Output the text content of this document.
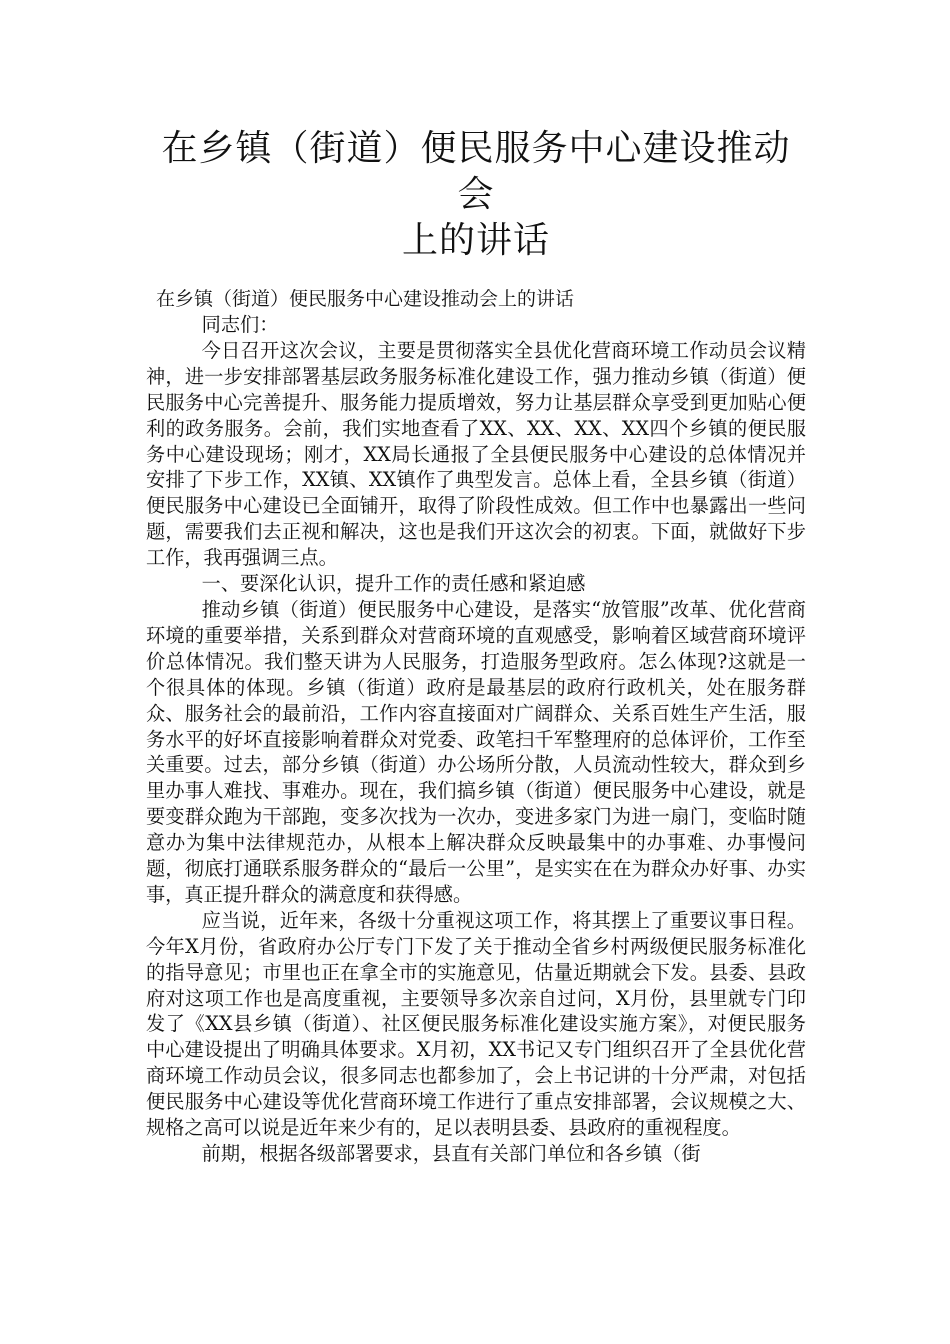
在乡镇（街道）便民服务中心建设推动会
上的讲话

在乡镇（街道）便民服务中心建设推动会上的讲话

同志们：

今日召开这次会议，主要是贯彻落实全县优化营商环境工作动员会议精神，进一步安排部署基层政务服务标准化建设工作，强力推动乡镇（街道）便民服务中心完善提升、服务能力提质增效，努力让基层群众享受到更加贴心便利的政务服务。会前，我们实地查看了XX、XX、XX、XX四个乡镇的便民服务中心建设现场；刚才，XX局长通报了全县便民服务中心建设的总体情况并安排了下步工作，XX镇、XX镇作了典型发言。总体上看，全县乡镇（街道）便民服务中心建设已全面铺开，取得了阶段性成效。但工作中也暴露出一些问题，需要我们去正视和解决，这也是我们开这次会的初衷。下面，就做好下步工作，我再强调三点。

一、要深化认识，提升工作的责任感和紧迫感

推动乡镇（街道）便民服务中心建设，是落实“放管服”改革、优化营商环境的重要举措，关系到群众对营商环境的直观感受，影响着区域营商环境评价总体情况。我们整天讲为人民服务，打造服务型政府。怎么体现?这就是一个很具体的体现。乡镇（街道）政府是最基层的政府行政机关，处在服务群众、服务社会的最前沿，工作内容直接面对广阔群众、关系百姓生产生活，服务水平的好坏直接影响着群众对党委、政笔扫千军整理府的总体评价，工作至关重要。过去，部分乡镇（街道）办公场所分散，人员流动性较大，群众到乡里办事人难找、事难办。现在，我们搞乡镇（街道）便民服务中心建设，就是要变群众跑为干部跑，变多次找为一次办，变进多家门为进一扇门，变临时随意办为集中法律规范办，从根本上解决群众反映最集中的办事难、办事慢问题，彻底打通联系服务群众的“最后一公里”，是实实在在为群众办好事、办实事，真正提升群众的满意度和获得感。

应当说，近年来，各级十分重视这项工作，将其摆上了重要议事日程。今年X月份，省政府办公厅专门下发了关于推动全省乡村两级便民服务标准化的指导意见；市里也正在拿全市的实施意见，估量近期就会下发。县委、县政府对这项工作也是高度重视，主要领导多次亲自过问，X月份，县里就专门印发了《XX县乡镇（街道）、社区便民服务标准化建设实施方案》，对便民服务中心建设提出了明确具体要求。X月初，XX书记又专门组织召开了全县优化营商环境工作动员会议，很多同志也都参加了，会上书记讲的十分严肃，对包括便民服务中心建设等优化营商环境工作进行了重点安排部署，会议规模之大、规格之高可以说是近年来少有的，足以表明县委、县政府的重视程度。

前期，根据各级部署要求，县直有关部门单位和各乡镇（街
